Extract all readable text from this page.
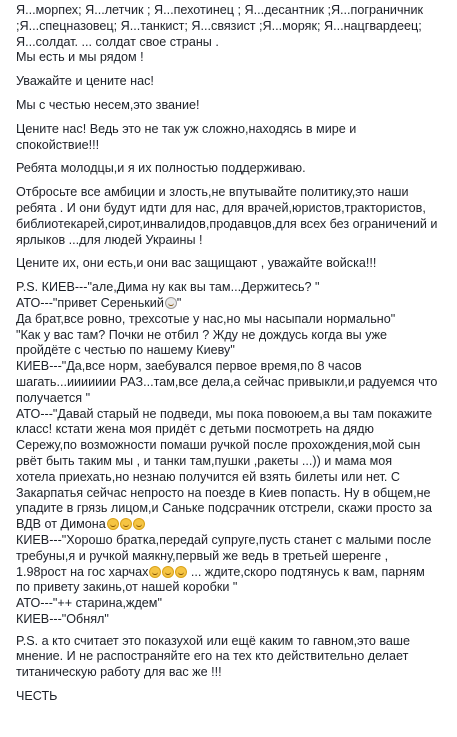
Я...морпех; Я...летчик ; Я...пехотинец ; Я...десантник ;Я...пограничник
;Я...спецназовец; Я...танкист; Я...связист ;Я...моряк; Я...нацгвардеец;
Я...солдат. ... солдат свое страны .
Мы есть и мы рядом !
Уважайте и цените нас!
Мы с честью несем,это звание!
Цените нас! Ведь это не так уж сложно,находясь в мире и
спокойствие!!!
Ребята молодцы,и я их полностью поддерживаю.
Отбросьте все амбиции и злость,не впутывайте политику,это наши
ребята . И они будут идти для нас, для врачей,юристов,трактористов,
библиотекарей,сирот,инвалидов,продавцов,для всех без ограничений и
ярлыков ...для людей Украины !
Цените их, они есть,и они вас защищают , уважайте войска!!!
P.S. КИЕВ---"але,Дима ну как вы там...Держитесь? "
АТО---"привет Серенький "
Да брат,все ровно, трехсотые у нас,но мы насыпали нормально"
"Как у вас там? Почки не отбил ? Жду не дождусь когда вы уже
пройдёте с честью по нашему Киеву"
КИЕВ---"Да,все норм, заебувался первое время,по 8 часов
шагать...иииииии РАЗ...там,все дела,а сейчас привыкли,и радуемся что
получается "
АТО---"Давай старый не подведи, мы пока повоюем,а вы там покажите
класс! кстати жена моя придёт с детьми посмотреть на дядю
Сережу,по возможности помаши ручкой после прохождения,мой сын
рвёт быть таким мы , и танки там,пушки ,ракеты ...)) и мама моя
хотела приехать,но незнаю получится ей взять билеты или нет. С
Закарпатья сейчас непросто на поезде в Киев попасть. Ну в общем,не
упадите в грязь лицом,и Саньке подсрачник отстрели, скажи просто за
ВДВ от Димона
КИЕВ---"Хорошо братка,передай супруге,пусть станет с малыми после
требуны,я и ручкой маякну,первый же ведь в третьей шеренге ,
1.98рост на гос харчах	... ждите,скоро подтянусь к вам, парням
по привету закинь,от нашей коробки "
АТО---"++ старина,ждем"
КИЕВ---"Обнял"
P.S. а кто считает это показухой или ещё каким то гавном,это ваше
мнение. И не распостраняйте его на тех кто действительно делает
титаническую работу для вас же !!!
ЧЕСТЬ
